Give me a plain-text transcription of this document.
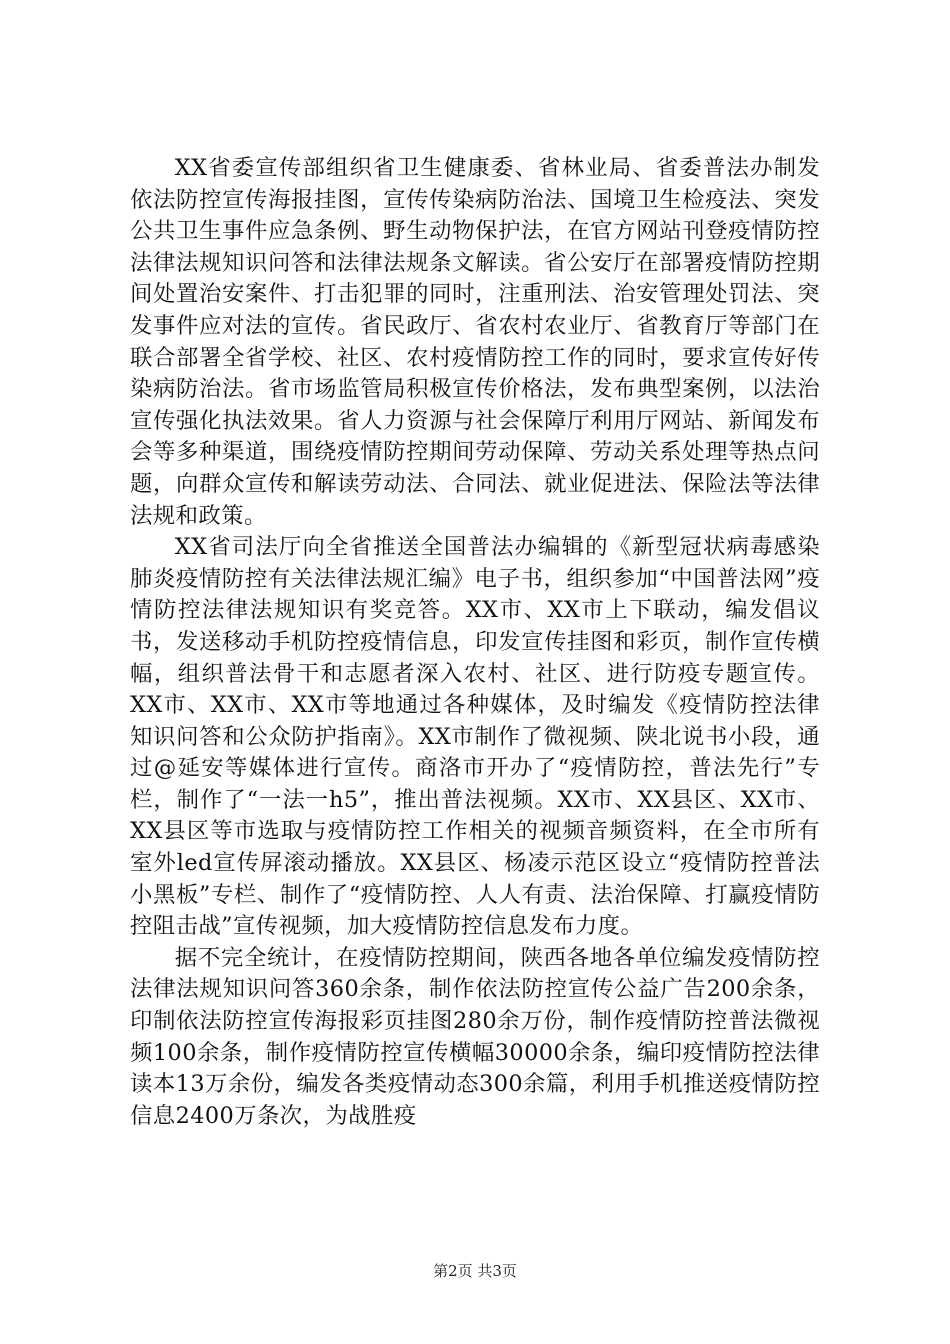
XX省委宣传部组织省卫生健康委、省林业局、省委普法办制发依法防控宣传海报挂图，宣传传染病防治法、国境卫生检疫法、突发公共卫生事件应急条例、野生动物保护法，在官方网站刊登疫情防控法律法规知识问答和法律法规条文解读。省公安厅在部署疫情防控期间处置治安案件、打击犯罪的同时，注重刑法、治安管理处罚法、突发事件应对法的宣传。省民政厅、省农村农业厅、省教育厅等部门在联合部署全省学校、社区、农村疫情防控工作的同时，要求宣传好传染病防治法。省市场监管局积极宣传价格法，发布典型案例，以法治宣传强化执法效果。省人力资源与社会保障厅利用厅网站、新闻发布会等多种渠道，围绕疫情防控期间劳动保障、劳动关系处理等热点问题，向群众宣传和解读劳动法、合同法、就业促进法、保险法等法律法规和政策。

XX省司法厅向全省推送全国普法办编辑的《新型冠状病毒感染肺炎疫情防控有关法律法规汇编》电子书，组织参加“中国普法网”疫情防控法律法规知识有奖竞答。XX市、XX市上下联动，编发倡议书，发送移动手机防控疫情信息，印发宣传挂图和彩页，制作宣传横幅，组织普法骨干和志愿者深入农村、社区、进行防疫专题宣传。XX市、XX市、XX市等地通过各种媒体，及时编发《疫情防控法律知识问答和公众防护指南》。XX市制作了微视频、陕北说书小段，通过@延安等媒体进行宣传。商洛市开办了“疫情防控，普法先行”专栏，制作了“一法一h5”，推出普法视频。XX市、XX县区、XX市、XX县区等市选取与疫情防控工作相关的视频音频资料，在全市所有室外led宣传屏滚动播放。XX县区、杨凌示范区设立“疫情防控普法小黑板”专栏、制作了“疫情防控、人人有责、法治保障、打赢疫情防控阻击战”宣传视频，加大疫情防控信息发布力度。

据不完全统计，在疫情防控期间，陕西各地各单位编发疫情防控法律法规知识问答360余条，制作依法防控宣传公益广告200余条，印制依法防控宣传海报彩页挂图280余万份，制作疫情防控普法微视频100余条，制作疫情防控宣传横幅30000余条，编印疫情防控法律读本13万余份，编发各类疫情动态300余篇，利用手机推送疫情防控信息2400万条次，为战胜疫

第2页 共3页
